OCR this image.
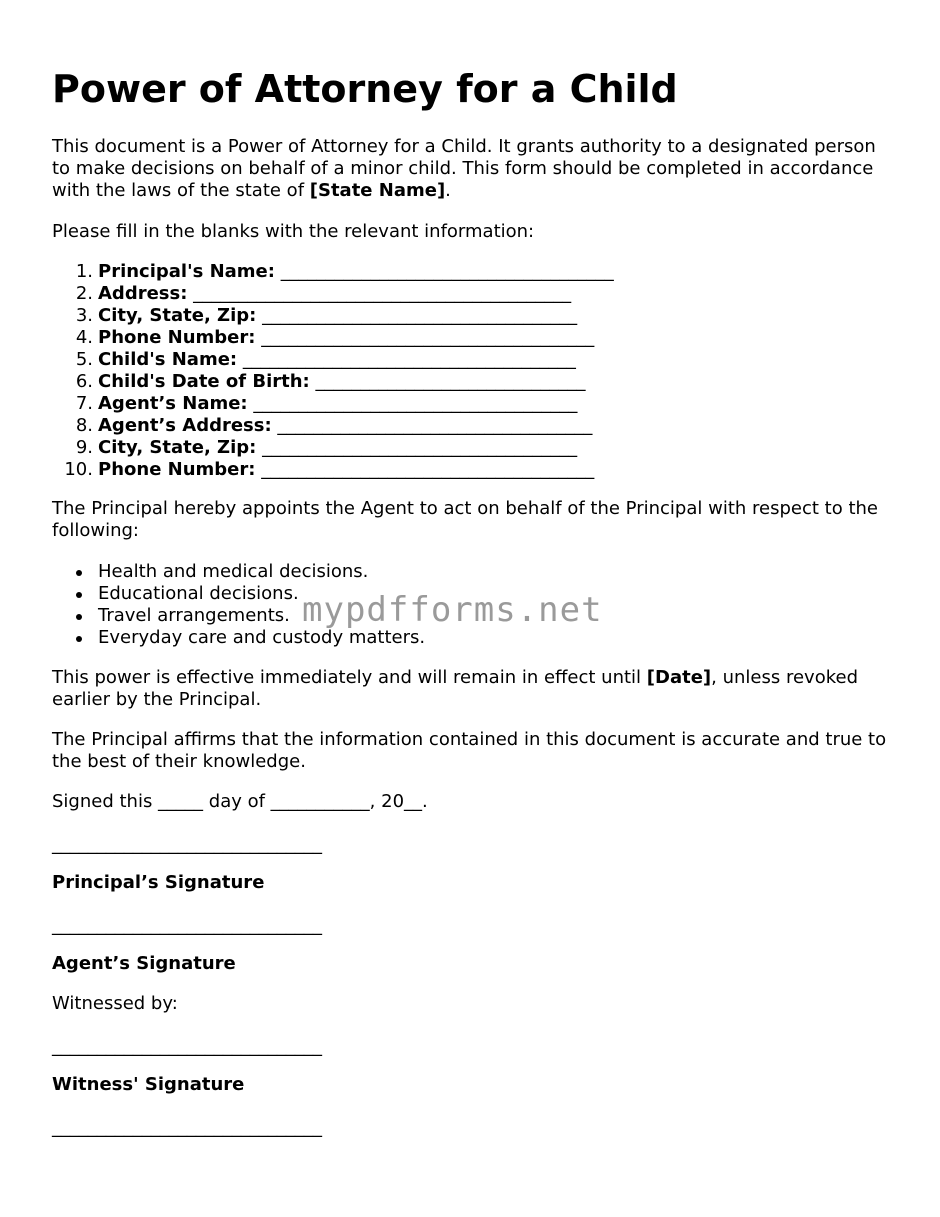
Power of Attorney for a Child

This document is a Power of Attorney for a Child. It grants authority to a designated person to make decisions on behalf of a minor child. This form should be completed in accordance with the laws of the state of [State Name].

Please fill in the blanks with the relevant information:

1. Principal's Name: _____________________________________
2. Address: __________________________________________
3. City, State, Zip: ___________________________________
4. Phone Number: _____________________________________
5. Child's Name: _____________________________________
6. Child's Date of Birth: ______________________________
7. Agent’s Name: ____________________________________
8. Agent’s Address: ___________________________________
9. City, State, Zip: ___________________________________
10. Phone Number: _____________________________________

The Principal hereby appoints the Agent to act on behalf of the Principal with respect to the following:

Health and medical decisions.
Educational decisions.
Travel arrangements.
Everyday care and custody matters.

This power is effective immediately and will remain in effect until [Date], unless revoked earlier by the Principal.

The Principal affirms that the information contained in this document is accurate and true to the best of their knowledge.

Signed this _____ day of ___________, 20__.

______________________________
Principal’s Signature
______________________________
Agent’s Signature
Witnessed by:
______________________________
Witness' Signature
______________________________
mypdfforms.net
